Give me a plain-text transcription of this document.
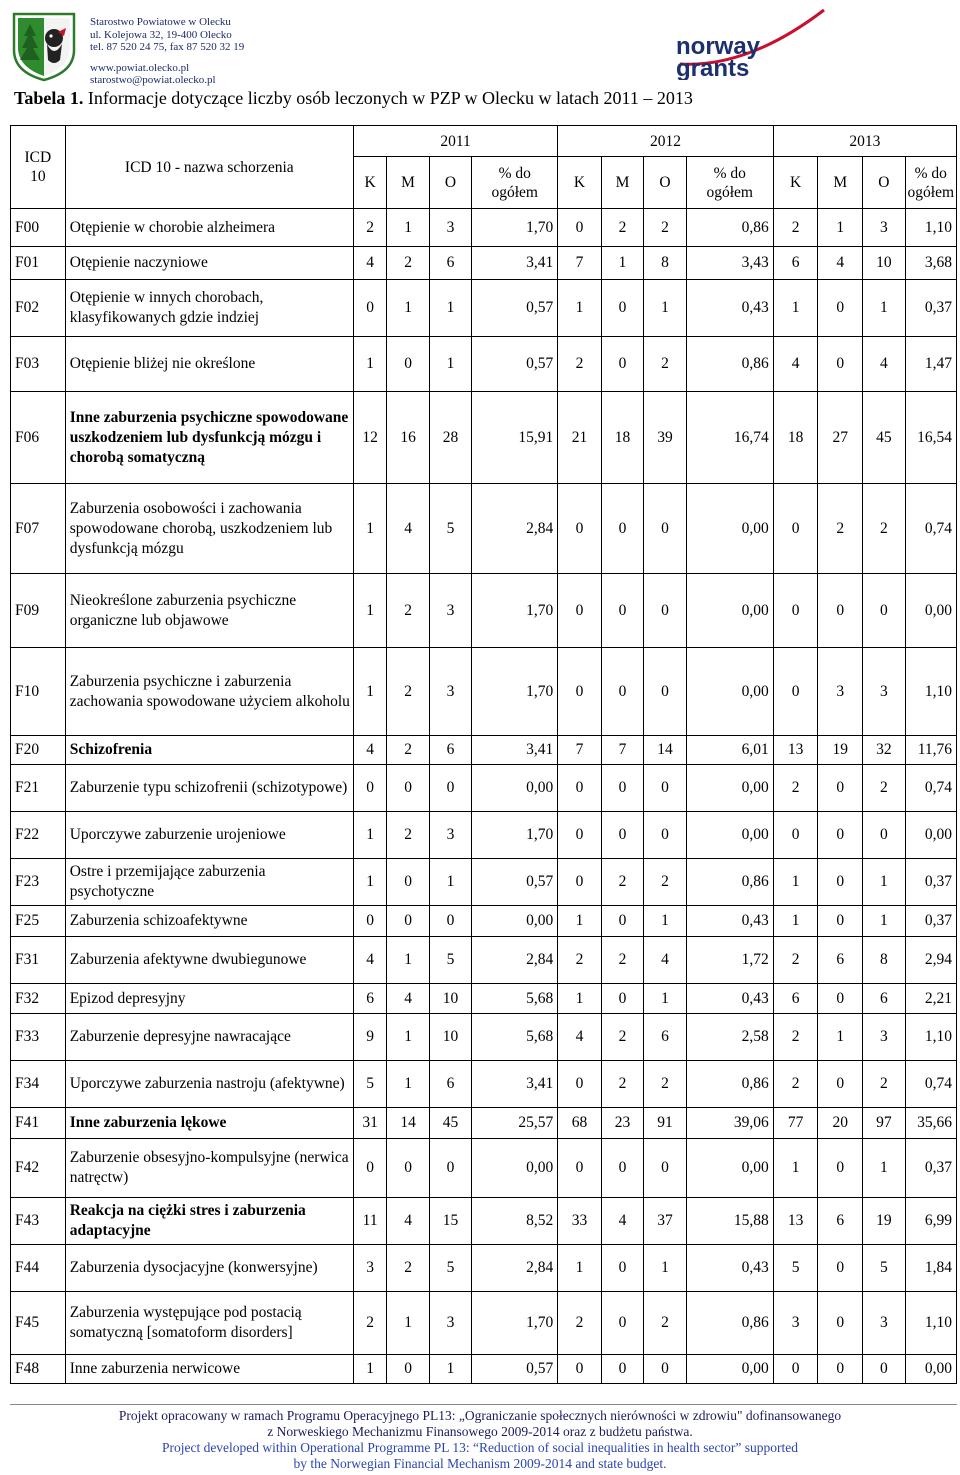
Starostwo Powiatowe w Olecku
ul. Kolejowa 32, 19-400 Olecko
tel. 87 520 24 75, fax 87 520 32 19
www.powiat.olecko.pl
starostwo@powiat.olecko.pl
norway
grants
Tabela 1. Informacje dotyczące liczby osób leczonych w PZP w Olecku w latach 2011 – 2013
ICD 10	ICD 10 - nazwa schorzenia	2011				2012				2013			
		K	M	O	% do ogółem	K	M	O	% do ogółem	K	M	O	% do ogółem
F00	Otępienie w chorobie alzheimera	2	1	3	1,70	0	2	2	0,86	2	1	3	1,10
F01	Otępienie naczyniowe	4	2	6	3,41	7	1	8	3,43	6	4	10	3,68
F02	Otępienie w innych chorobach, klasyfikowanych gdzie indziej	0	1	1	0,57	1	0	1	0,43	1	0	1	0,37
F03	Otępienie bliżej nie określone	1	0	1	0,57	2	0	2	0,86	4	0	4	1,47
F06	Inne zaburzenia psychiczne spowodowane uszkodzeniem lub dysfunkcją mózgu i chorobą somatyczną	12	16	28	15,91	21	18	39	16,74	18	27	45	16,54
F07	Zaburzenia osobowości i zachowania spowodowane chorobą, uszkodzeniem lub dysfunkcją mózgu	1	4	5	2,84	0	0	0	0,00	0	2	2	0,74
F09	Nieokreślone zaburzenia psychiczne organiczne lub objawowe	1	2	3	1,70	0	0	0	0,00	0	0	0	0,00
F10	Zaburzenia psychiczne i zaburzenia zachowania spowodowane użyciem alkoholu	1	2	3	1,70	0	0	0	0,00	0	3	3	1,10
F20	Schizofrenia	4	2	6	3,41	7	7	14	6,01	13	19	32	11,76
F21	Zaburzenie typu schizofrenii (schizotypowe)	0	0	0	0,00	0	0	0	0,00	2	0	2	0,74
F22	Uporczywe zaburzenie urojeniowe	1	2	3	1,70	0	0	0	0,00	0	0	0	0,00
F23	Ostre i przemijające zaburzenia psychotyczne	1	0	1	0,57	0	2	2	0,86	1	0	1	0,37
F25	Zaburzenia schizoafektywne	0	0	0	0,00	1	0	1	0,43	1	0	1	0,37
F31	Zaburzenia afektywne dwubiegunowe	4	1	5	2,84	2	2	4	1,72	2	6	8	2,94
F32	Epizod depresyjny	6	4	10	5,68	1	0	1	0,43	6	0	6	2,21
F33	Zaburzenie depresyjne nawracające	9	1	10	5,68	4	2	6	2,58	2	1	3	1,10
F34	Uporczywe zaburzenia nastroju (afektywne)	5	1	6	3,41	0	2	2	0,86	2	0	2	0,74
F41	Inne zaburzenia lękowe	31	14	45	25,57	68	23	91	39,06	77	20	97	35,66
F42	Zaburzenie obsesyjno-kompulsyjne (nerwica natręctw)	0	0	0	0,00	0	0	0	0,00	1	0	1	0,37
F43	Reakcja na ciężki stres i zaburzenia adaptacyjne	11	4	15	8,52	33	4	37	15,88	13	6	19	6,99
F44	Zaburzenia dysocjacyjne (konwersyjne)	3	2	5	2,84	1	0	1	0,43	5	0	5	1,84
F45	Zaburzenia występujące pod postacią somatyczną [somatoform disorders]	2	1	3	1,70	2	0	2	0,86	3	0	3	1,10
F48	Inne zaburzenia nerwicowe	1	0	1	0,57	0	0	0	0,00	0	0	0	0,00
Projekt opracowany w ramach Programu Operacyjnego PL13: „Ograniczanie społecznych nierówności w zdrowiu" dofinansowanego
z Norweskiego Mechanizmu Finansowego 2009-2014 oraz z budżetu państwa.
Project developed within Operational Programme PL 13: “Reduction of social inequalities in health sector” supported
by the Norwegian Financial Mechanism 2009-2014 and state budget.
